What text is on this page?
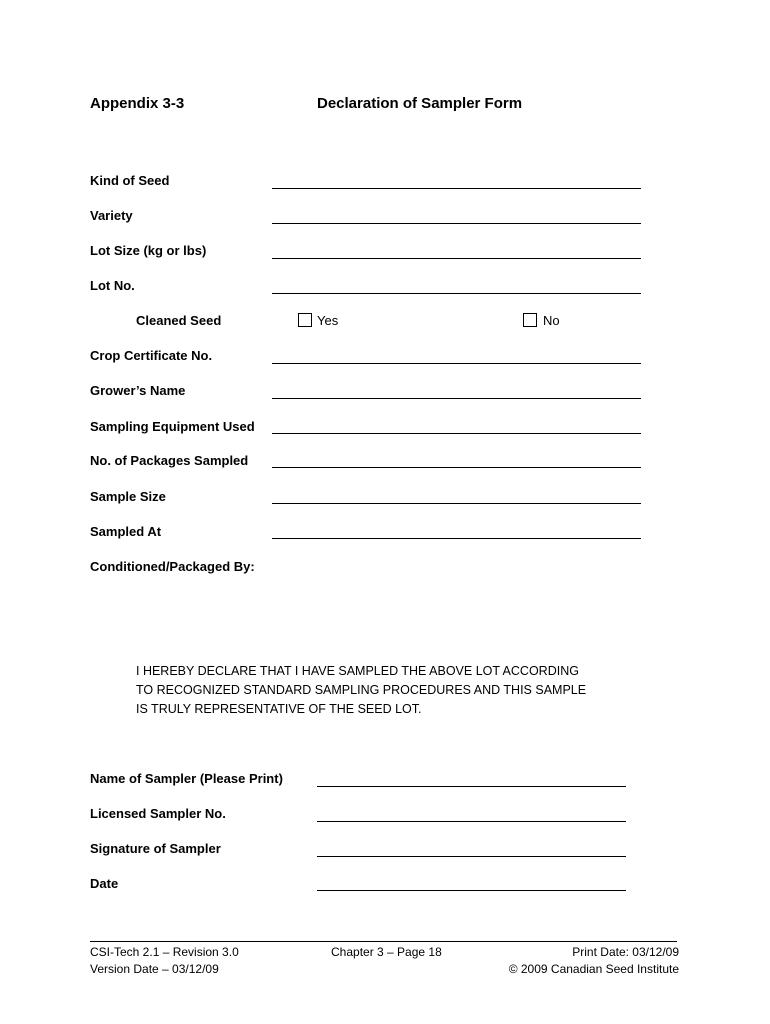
Appendix 3-3	Declaration of Sampler Form
Kind of Seed
Variety
Lot Size (kg or lbs)
Lot No.
Cleaned Seed	Yes	No
Crop Certificate No.
Grower’s Name
Sampling Equipment Used
No. of Packages Sampled
Sample Size
Sampled At
Conditioned/Packaged By:
I HEREBY DECLARE THAT I HAVE SAMPLED THE ABOVE LOT ACCORDING
TO RECOGNIZED STANDARD SAMPLING PROCEDURES AND THIS SAMPLE
IS TRULY REPRESENTATIVE OF THE SEED LOT.
Name of Sampler (Please Print)
Licensed Sampler No.
Signature of Sampler
Date
CSI-Tech 2.1 – Revision 3.0
Version Date – 03/12/09
Chapter 3 – Page 18	Print Date: 03/12/09
© 2009 Canadian Seed Institute
